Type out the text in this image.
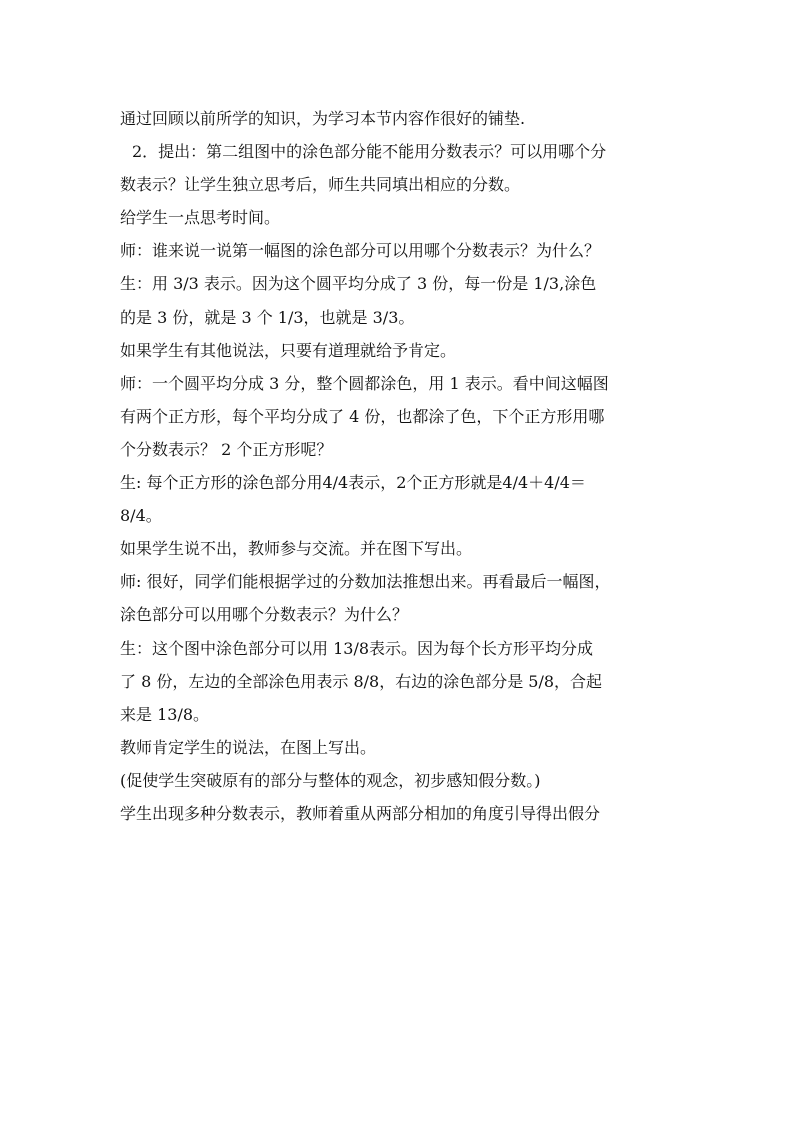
通过回顾以前所学的知识，为学习本节内容作很好的铺垫.
2．提出：第二组图中的涂色部分能不能用分数表示？可以用哪个分
数表示？让学生独立思考后，师生共同填出相应的分数。
给学生一点思考时间。
师：谁来说一说第一幅图的涂色部分可以用哪个分数表示？为什么？
生：用 3/3 表示。因为这个圆平均分成了 3 份，每一份是 1/3,涂色
的是 3 份，就是 3 个 1/3，也就是 3/3。
如果学生有其他说法，只要有道理就给予肯定。
师：一个圆平均分成 3 分，整个圆都涂色，用 1 表示。看中间这幅图
有两个正方形，每个平均分成了 4 份，也都涂了色，下个正方形用哪
个分数表示？ 2 个正方形呢？
生: 每个正方形的涂色部分用4/4表示，2个正方形就是4/4＋4/4＝
8/4。
如果学生说不出，教师参与交流。并在图下写出。
师: 很好，同学们能根据学过的分数加法推想出来。再看最后一幅图，
涂色部分可以用哪个分数表示？为什么？
生：这个图中涂色部分可以用 13/8表示。因为每个长方形平均分成
了 8 份，左边的全部涂色用表示 8/8，右边的涂色部分是 5/8，合起
来是 13/8。
教师肯定学生的说法，在图上写出。
(促使学生突破原有的部分与整体的观念，初步感知假分数。)
学生出现多种分数表示，教师着重从两部分相加的角度引导得出假分
